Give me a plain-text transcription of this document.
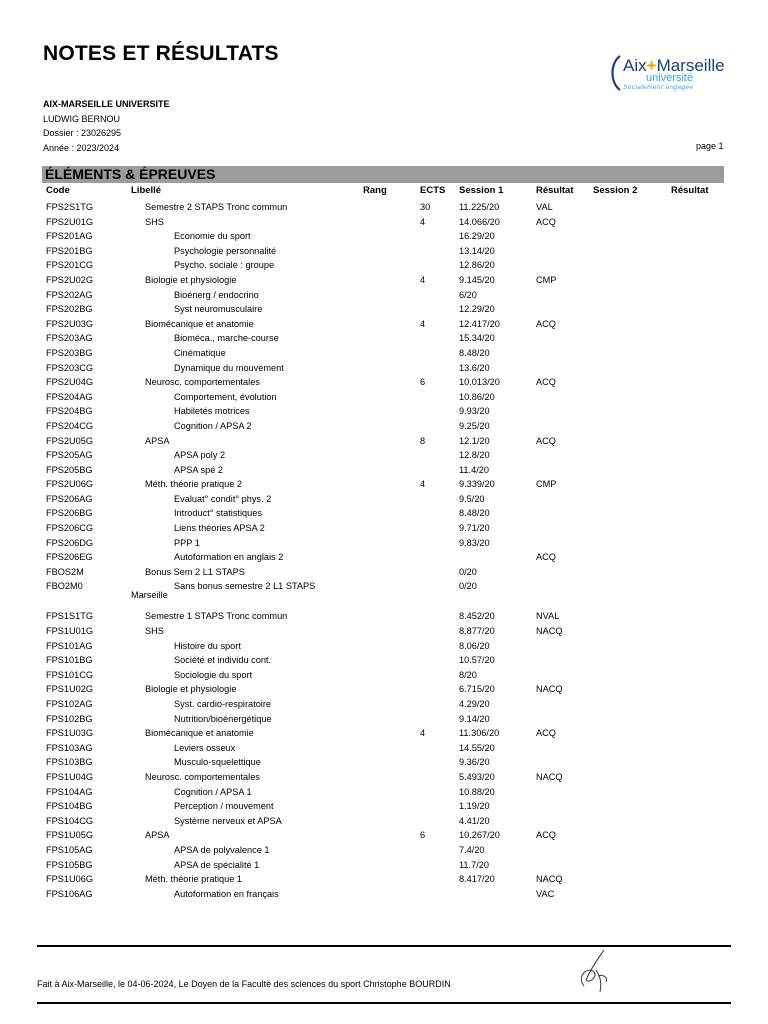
NOTES ET RÉSULTATS
Aix+Marseille
université
Socialement engagée
AIX-MARSEILLE UNIVERSITE
LUDWIG BERNOU
Dossier : 23026295
Année : 2023/2024	page 1
ÉLÉMENTS & ÉPREUVES
Code	Libellé	Rang	ECTS Session 1	Résultat Session 2	Résultat
FPS2S1TG	Semestre 2 STAPS Tronc commun	30	11.225/20	VAL
FPS2U01G	SHS	4	14.066/20	ACQ
FPS201AG	Economie du sport	16.29/20
FPS201BG	Psychologie personnalité	13.14/20
FPS201CG	Psycho. sociale : groupe	12.86/20
FPS2U02G	Biologie et physiologie	4	9.145/20	CMP
FPS202AG	Bioénerg / endocrino	6/20
FPS202BG	Syst neuromusculaire	12.29/20
FPS2U03G	Biomécanique et anatomie	4	12.417/20	ACQ
FPS203AG	Bioméca., marche-course	15.34/20
FPS203BG	Cinématique	8.48/20
FPS203CG	Dynamique du mouvement	13.6/20
FPS2U04G	Neurosc. comportementales	6	10.013/20	ACQ
FPS204AG	Comportement, évolution	10.86/20
FPS204BG	Habiletés motrices	9.93/20
FPS204CG	Cognition / APSA 2	9.25/20
FPS2U05G	APSA	8	12.1/20	ACQ
FPS205AG	APSA poly 2	12.8/20
FPS205BG	APSA spé 2	11.4/20
FPS2U06G	Méth. théorie pratique 2	4	9.339/20	CMP
FPS206AG	Evaluat° condit° phys. 2	9.5/20
FPS206BG	Introduct° statistiques	8.48/20
FPS206CG	Liens théories APSA 2	9.71/20
FPS206DG	PPP 1	9.83/20
FPS206EG	Autoformation en anglais 2	ACQ
FBOS2M	Bonus Sem 2 L1 STAPS	0/20
FBO2M0	Sans bonus semestre 2 L1 STAPS	0/20
Marseille
FPS1S1TG	Semestre 1 STAPS Tronc commun	8.452/20	NVAL
FPS1U01G	SHS	8.877/20	NACQ
FPS101AG	Histoire du sport	8.06/20
FPS101BG	Société et individu cont.	10.57/20
FPS101CG	Sociologie du sport	8/20
FPS1U02G	Biologie et physiologie	6.715/20	NACQ
FPS102AG	Syst. cardio-respiratoire	4.29/20
FPS102BG	Nutrition/bioénergétique	9.14/20
FPS1U03G	Biomécanique et anatomie	4	11.306/20	ACQ
FPS103AG	Leviers osseux	14.55/20
FPS103BG	Musculo-squelettique	9.36/20
FPS1U04G	Neurosc. comportementales	5.493/20	NACQ
FPS104AG	Cognition / APSA 1	10.88/20
FPS104BG	Perception / mouvement	1.19/20
FPS104CG	Système nerveux et APSA	4.41/20
FPS1U05G	APSA	6	10.267/20	ACQ
FPS105AG	APSA de polyvalence 1	7.4/20
FPS105BG	APSA de spécialité 1	11.7/20
FPS1U06G	Méth. théorie pratique 1	8.417/20	NACQ
FPS106AG	Autoformation en français	VAC
Fait à Aix-Marseille, le 04-06-2024, Le Doyen de la Faculté des sciences du sport Christophe BOURDIN
